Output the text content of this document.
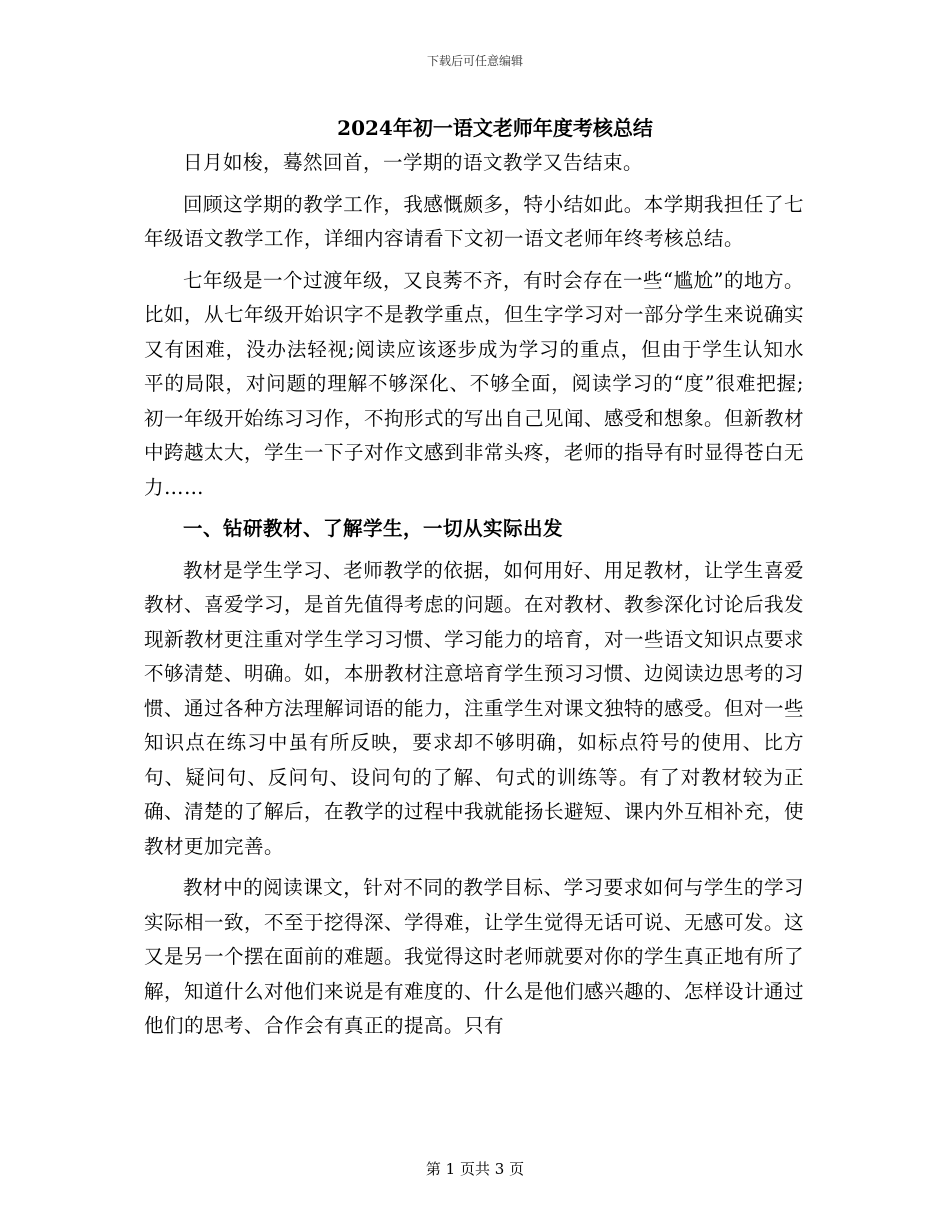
下载后可任意编辑
2024年初一语文老师年度考核总结

日月如梭，蓦然回首，一学期的语文教学又告结束。

回顾这学期的教学工作，我感慨颇多，特小结如此。本学期我担任了七年级语文教学工作，详细内容请看下文初一语文老师年终考核总结。

七年级是一个过渡年级，又良莠不齐，有时会存在一些“尴尬”的地方。比如，从七年级开始识字不是教学重点，但生字学习对一部分学生来说确实又有困难，没办法轻视;阅读应该逐步成为学习的重点，但由于学生认知水平的局限，对问题的理解不够深化、不够全面，阅读学习的“度”很难把握;初一年级开始练习习作，不拘形式的写出自己见闻、感受和想象。但新教材中跨越太大，学生一下子对作文感到非常头疼，老师的指导有时显得苍白无力……

一、钻研教材、了解学生，一切从实际出发

教材是学生学习、老师教学的依据，如何用好、用足教材，让学生喜爱教材、喜爱学习，是首先值得考虑的问题。在对教材、教参深化讨论后我发现新教材更注重对学生学习习惯、学习能力的培育，对一些语文知识点要求不够清楚、明确。如，本册教材注意培育学生预习习惯、边阅读边思考的习惯、通过各种方法理解词语的能力，注重学生对课文独特的感受。但对一些知识点在练习中虽有所反映，要求却不够明确，如标点符号的使用、比方句、疑问句、反问句、设问句的了解、句式的训练等。有了对教材较为正确、清楚的了解后，在教学的过程中我就能扬长避短、课内外互相补充，使教材更加完善。

教材中的阅读课文，针对不同的教学目标、学习要求如何与学生的学习实际相一致，不至于挖得深、学得难，让学生觉得无话可说、无感可发。这又是另一个摆在面前的难题。我觉得这时老师就要对你的学生真正地有所了解，知道什么对他们来说是有难度的、什么是他们感兴趣的、怎样设计通过他们的思考、合作会有真正的提高。只有

第 1 页共 3 页
